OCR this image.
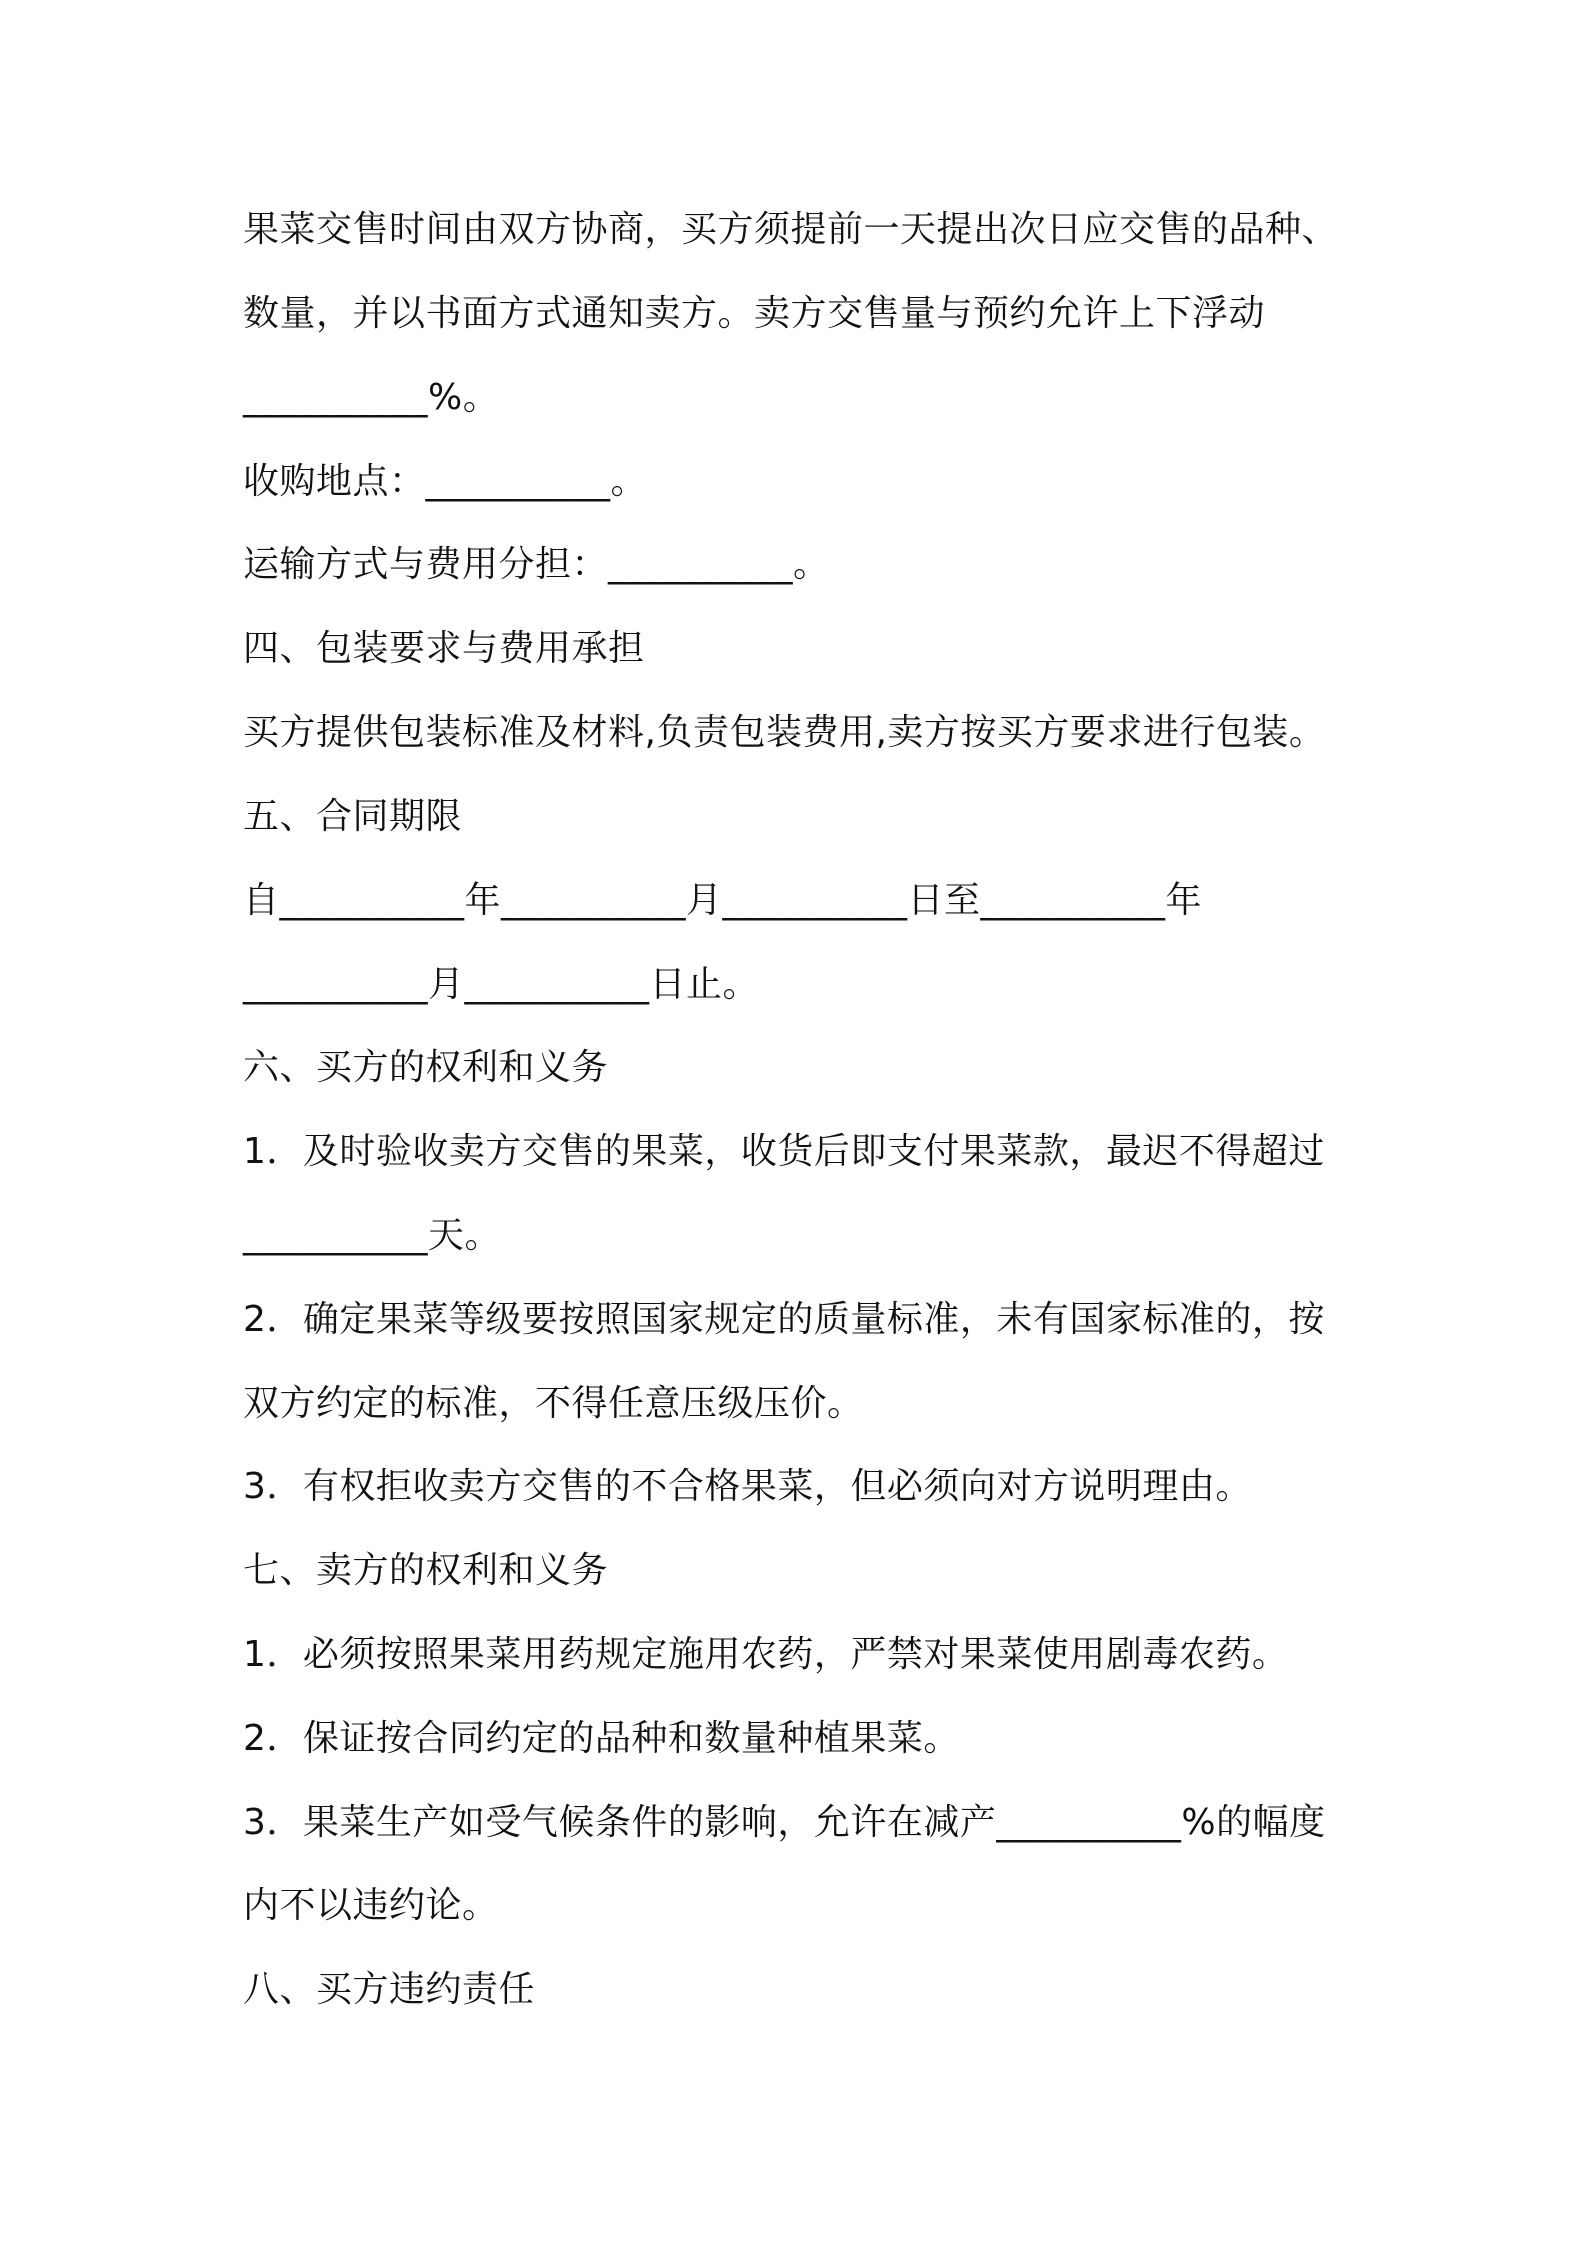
果菜交售时间由双方协商，买方须提前一天提出次日应交售的品种、
数量，并以书面方式通知卖方。卖方交售量与预约允许上下浮动
__________%。
收购地点：__________。
运输方式与费用分担：__________。
四、包装要求与费用承担
买方提供包装标准及材料,负责包装费用,卖方按买方要求进行包装。
五、合同期限
自__________年__________月__________日至__________年
__________月__________日止。
六、买方的权利和义务
1．及时验收卖方交售的果菜，收货后即支付果菜款，最迟不得超过
__________天。
2．确定果菜等级要按照国家规定的质量标准，未有国家标准的，按
双方约定的标准，不得任意压级压价。
3．有权拒收卖方交售的不合格果菜，但必须向对方说明理由。
七、卖方的权利和义务
1．必须按照果菜用药规定施用农药，严禁对果菜使用剧毒农药。
2．保证按合同约定的品种和数量种植果菜。
3．果菜生产如受气候条件的影响，允许在减产__________%的幅度
内不以违约论。
八、买方违约责任
